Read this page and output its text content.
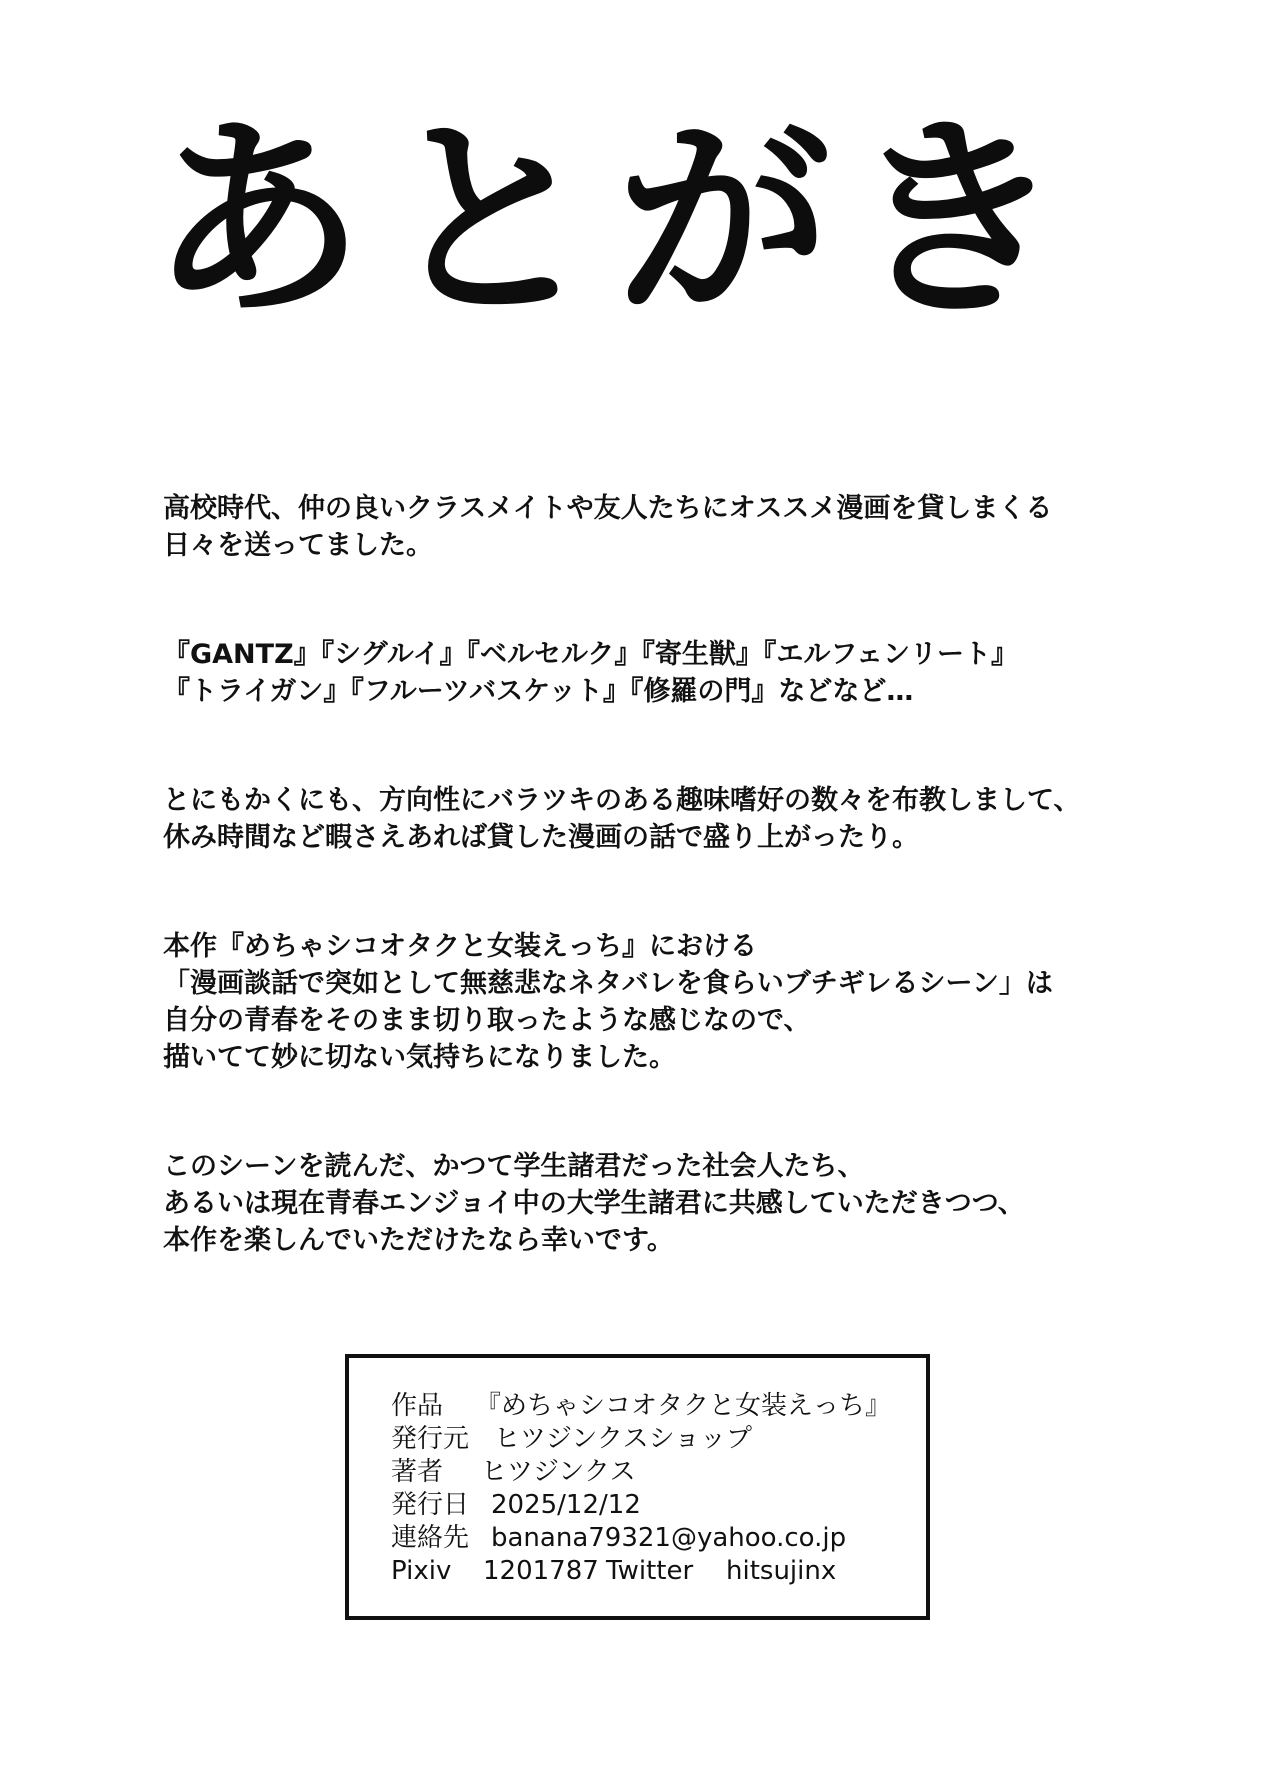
あとがき

高校時代、仲の良いクラスメイトや友人たちにオススメ漫画を貸しまくる
日々を送ってました。

『GANTZ』『シグルイ』『ベルセルク』『寄生獣』『エルフェンリート』
『トライガン』『フルーツバスケット』『修羅の門』などなど…

とにもかくにも、方向性にバラツキのある趣味嗜好の数々を布教しまして、
休み時間など暇さえあれば貸した漫画の話で盛り上がったり。

本作『めちゃシコオタクと女装えっち』における
「漫画談話で突如として無慈悲なネタバレを食らいブチギレるシーン」は
自分の青春をそのまま切り取ったような感じなので、
描いてて妙に切ない気持ちになりました。

このシーンを読んだ、かつて学生諸君だった社会人たち、
あるいは現在青春エンジョイ中の大学生諸君に共感していただきつつ、
本作を楽しんでいただけたなら幸いです。

作品	『めちゃシコオタクと女装えっち』
発行元 ヒツジンクスショップ
著者	ヒツジンクス
発行日 2025/12/12
連絡先 banana79321@yahoo.co.jp
Pixiv	1201787 Twitter	hitsujinx
